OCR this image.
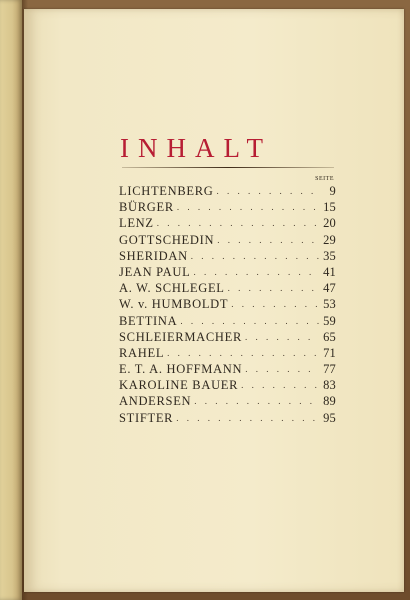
INHALT
SEITE
LICHTENBERG . . .	9
BÜRGER . . .	15
LENZ . . .	20
GOTTSCHEDIN . . .	29
SHERIDAN . . .	35
JEAN PAUL . . .	41
A. W. SCHLEGEL . . .	47
W. v. HUMBOLDT . . .	53
BETTINA . . .	59
SCHLEIERMACHER . . .	65
RAHEL . . .	71
E. T. A. HOFFMANN . . .	77
KAROLINE BAUER . . .	83
ANDERSEN . . .	89
STIFTER . . .	95
